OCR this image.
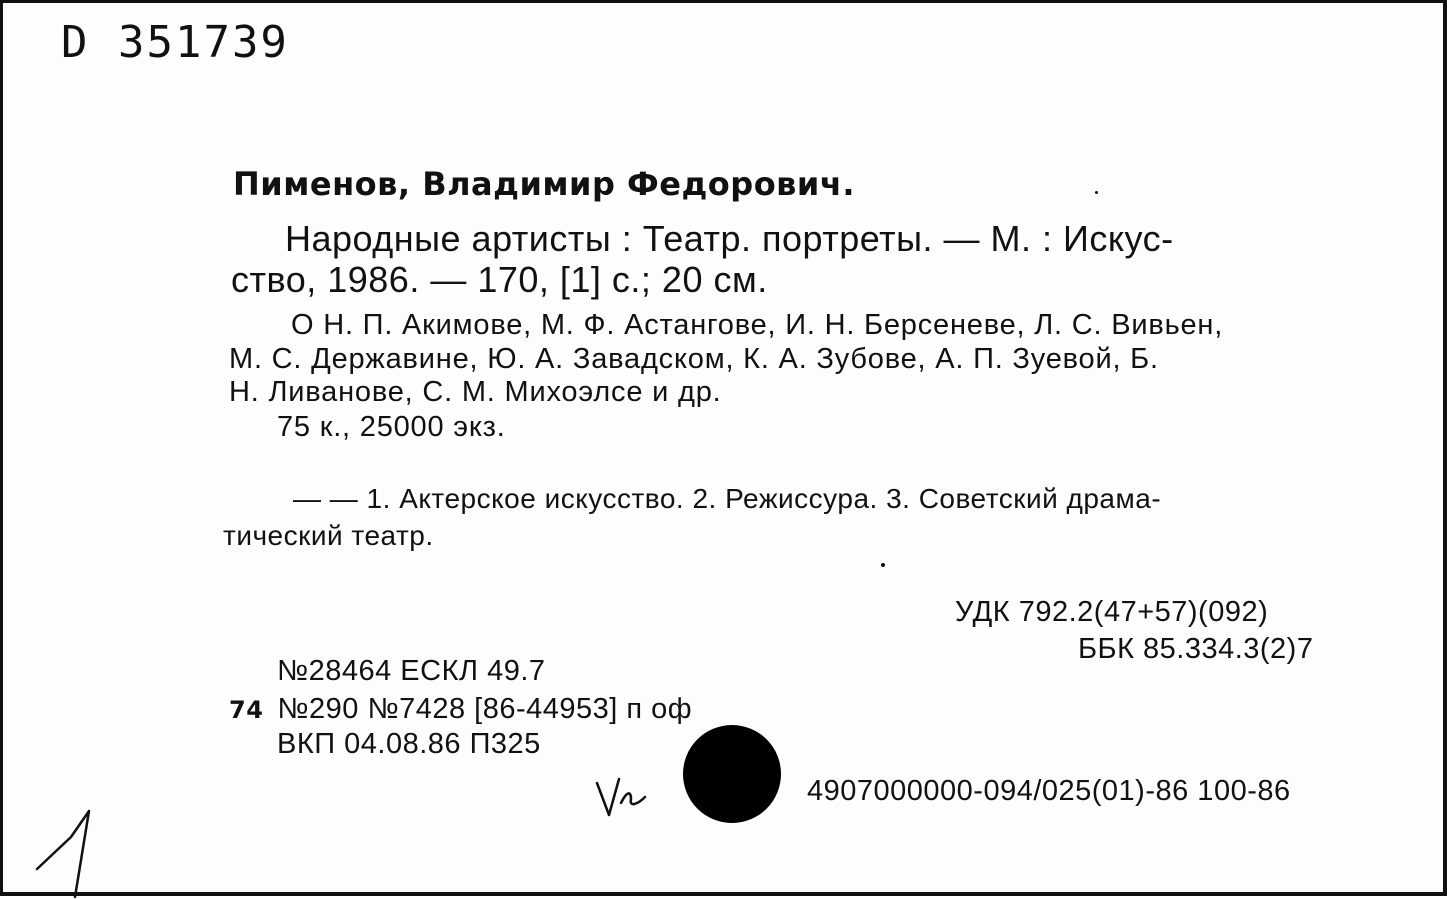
D 351739
Пименов, Владимир Федорович.
Народные артисты : Театр. портреты. — М. : Искус-
ство, 1986. — 170, [1] с.; 20 см.
О Н. П. Акимове, М. Ф. Астангове, И. Н. Берсеневе, Л. С. Вивьен,
М. С. Державине, Ю. А. Завадском, К. А. Зубове, А. П. Зуевой, Б.
Н. Ливанове, С. М. Михоэлсе и др.
75 к., 25000 экз.
— — 1. Актерское искусство. 2. Режиссура. 3. Советский драма-
тический театр.
УДК 792.2(47+57)(092)
ББК 85.334.3(2)7
№28464 ЕСКЛ 49.7
74 №290 №7428 [86-44953] п оф
ВКП 04.08.86 П325
4907000000-094/025(01)-86 100-86
